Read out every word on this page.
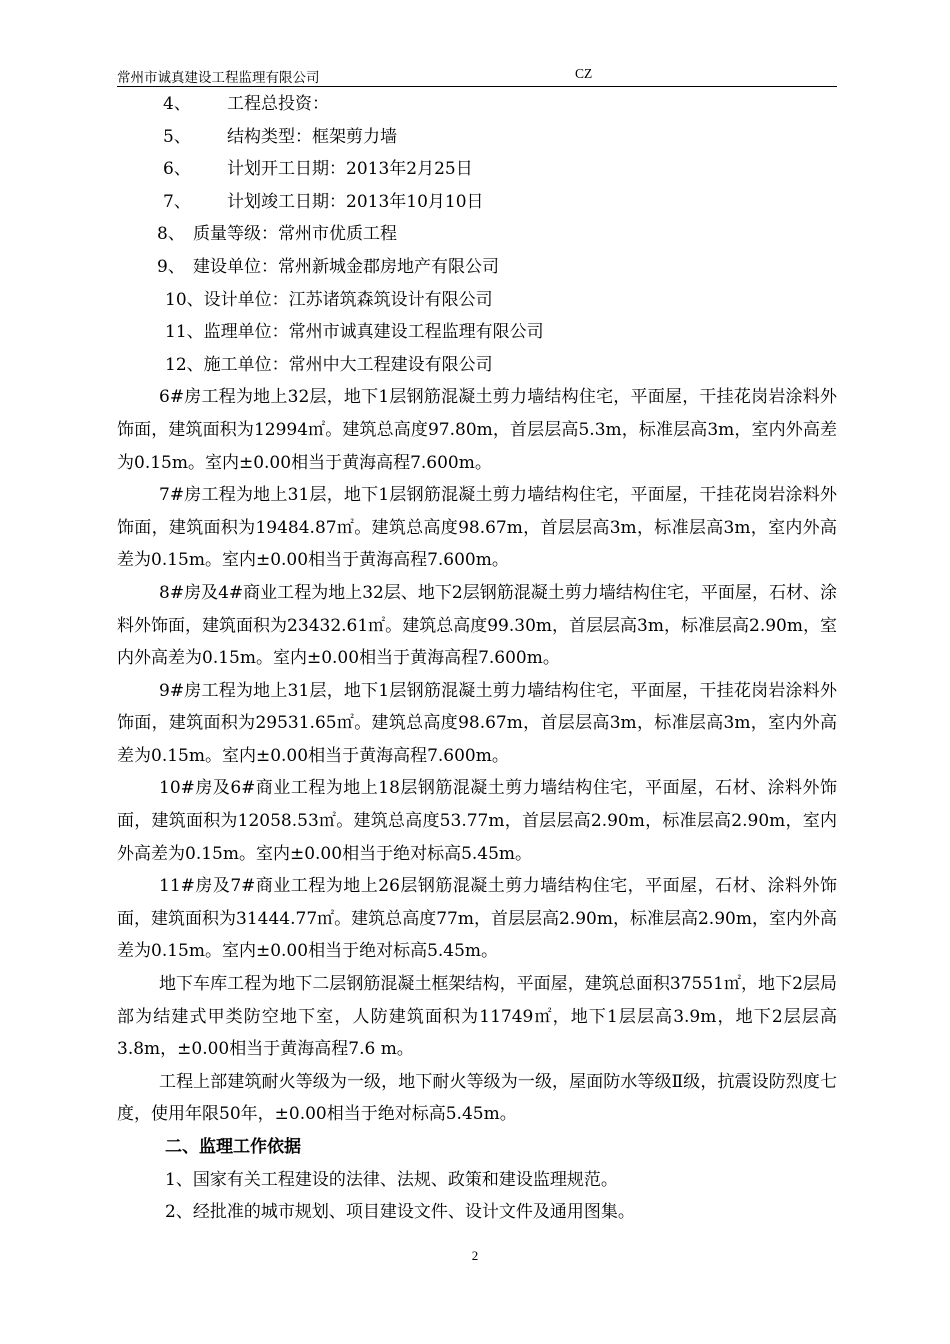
常州市诚真建设工程监理有限公司	CZ
4、 工程总投资：
5、 结构类型：框架剪力墙
6、 计划开工日期：2013年2月25日
7、 计划竣工日期：2013年10月10日
8、 质量等级：常州市优质工程
9、 建设单位：常州新城金郡房地产有限公司
10、设计单位：江苏诸筑森筑设计有限公司
11、监理单位：常州市诚真建设工程监理有限公司
12、施工单位：常州中大工程建设有限公司
6#房工程为地上32层，地下1层钢筋混凝土剪力墙结构住宅，平面屋，干挂花岗岩涂料外饰面，建筑面积为12994㎡。建筑总高度97.80m，首层层高5.3m，标准层高3m，室内外高差为0.15m。室内±0.00相当于黄海高程7.600m。
7#房工程为地上31层，地下1层钢筋混凝土剪力墙结构住宅，平面屋，干挂花岗岩涂料外饰面，建筑面积为19484.87㎡。建筑总高度98.67m，首层层高3m，标准层高3m，室内外高差为0.15m。室内±0.00相当于黄海高程7.600m。
8#房及4#商业工程为地上32层、地下2层钢筋混凝土剪力墙结构住宅，平面屋，石材、涂料外饰面，建筑面积为23432.61㎡。建筑总高度99.30m，首层层高3m，标准层高2.90m，室内外高差为0.15m。室内±0.00相当于黄海高程7.600m。
9#房工程为地上31层，地下1层钢筋混凝土剪力墙结构住宅，平面屋，干挂花岗岩涂料外饰面，建筑面积为29531.65㎡。建筑总高度98.67m，首层层高3m，标准层高3m，室内外高差为0.15m。室内±0.00相当于黄海高程7.600m。
10#房及6#商业工程为地上18层钢筋混凝土剪力墙结构住宅，平面屋，石材、涂料外饰面，建筑面积为12058.53㎡。建筑总高度53.77m，首层层高2.90m，标准层高2.90m，室内外高差为0.15m。室内±0.00相当于绝对标高5.45m。
11#房及7#商业工程为地上26层钢筋混凝土剪力墙结构住宅，平面屋，石材、涂料外饰面，建筑面积为31444.77㎡。建筑总高度77m，首层层高2.90m，标准层高2.90m，室内外高差为0.15m。室内±0.00相当于绝对标高5.45m。
地下车库工程为地下二层钢筋混凝土框架结构，平面屋，建筑总面积37551㎡，地下2层局部为结建式甲类防空地下室，人防建筑面积为11749㎡，地下1层层高3.9m，地下2层层高3.8m，±0.00相当于黄海高程7.6 m。
工程上部建筑耐火等级为一级，地下耐火等级为一级，屋面防水等级Ⅱ级，抗震设防烈度七度，使用年限50年，±0.00相当于绝对标高5.45m。
二、监理工作依据
1、国家有关工程建设的法律、法规、政策和建设监理规范。
2、经批准的城市规划、项目建设文件、设计文件及通用图集。
2
